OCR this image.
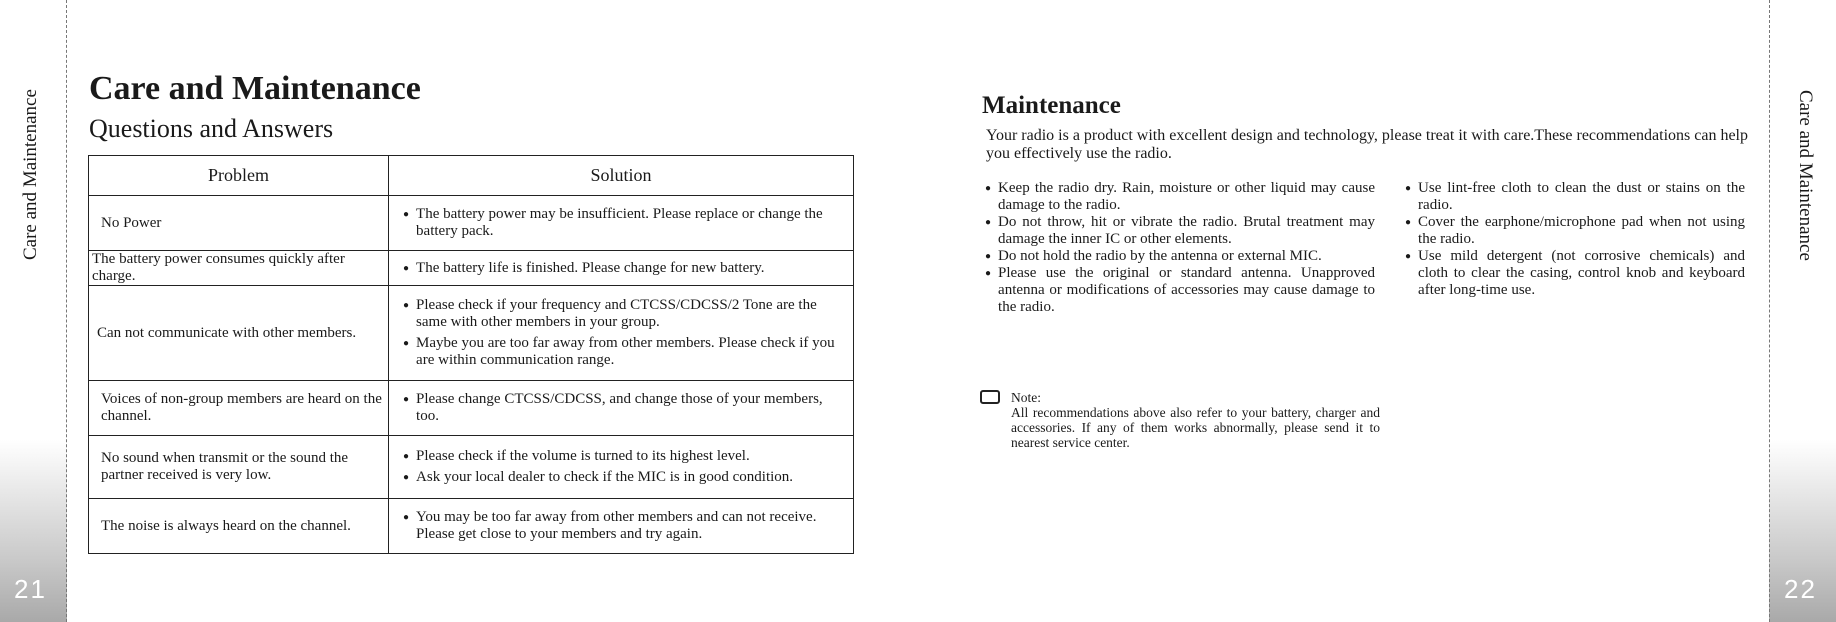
Care and Maintenance
21
Care and Maintenance
22
Care and Maintenance
Questions and Answers
Problem	Solution
No Power	● The battery power may be insufficient. Please replace or change the battery pack.

The battery power consumes quickly after charge.	● The battery life is finished. Please change for new battery.

Can not communicate with other members.	● Please check if your frequency and CTCSS/CDCSS/2 Tone are the same with other members in your group.
● Maybe you are too far away from other members. Please check if you are within communication range.

Voices of non-group members are heard on the channel.	● Please change CTCSS/CDCSS, and change those of your members, too.

No sound when transmit or the sound the partner received is very low.	● Please check if the volume is turned to its highest level.
● Ask your local dealer to check if the MIC is in good condition.

The noise is always heard on the channel.	● You may be too far away from other members and can not receive. Please get close to your members and try again.
Maintenance
Your radio is a product with excellent design and technology, please treat it with care.These recommendations can help you effectively use the radio.
● Keep the radio dry. Rain, moisture or other liquid may cause damage to the radio.
● Do not throw, hit or vibrate the radio. Brutal treatment may damage the inner IC or other elements.
● Do not hold the radio by the antenna or external MIC.
● Please use the original or standard antenna. Unapproved antenna or modifications of accessories may cause damage to the radio.
● Use lint-free cloth to clean the dust or stains on the radio.
● Cover the earphone/microphone pad when not using the radio.
● Use mild detergent (not corrosive chemicals) and cloth to clear the casing, control knob and keyboard after long-time use.
Note:
All recommendations above also refer to your battery, charger and accessories. If any of them works abnormally, please send it to nearest service center.
